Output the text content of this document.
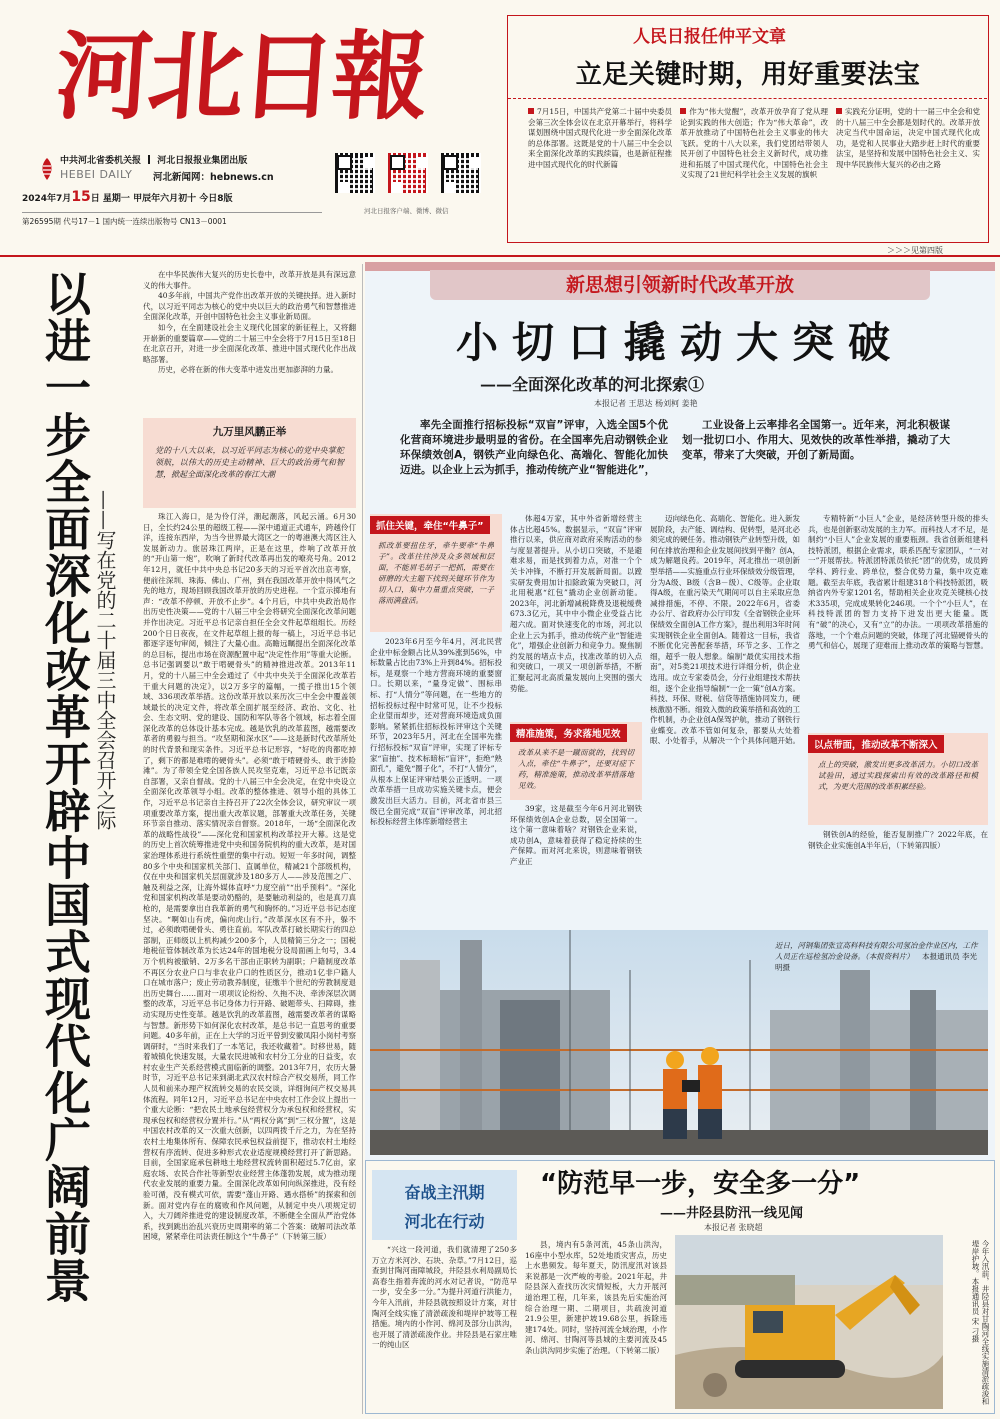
河北日報
中共河北省委机关报 河北日报报业集团出版
HEBEI DAILY 河北新闻网：hebnews.cn
2024年7月15日 星期一 甲辰年六月初十 今日8版
第26595期 代号17－1 国内统一连续出版物号 CN13－0001
河北日报客户端、微博、微信
人民日报任仲平文章
立足关键时期，用好重要法宝
7月15日，中国共产党第二十届中央委员会第三次全体会议在北京开幕举行，将科学谋划围绕中国式现代化进一步全面深化改革的总体部署。这既是党的十八届三中全会以来全面深化改革的实践续篇，也是新征程推进中国式现代化的时代新篇
作为“伟大觉醒”，改革开放孕育了党从理论到实践的伟大创造；作为“伟大革命”，改革开放推动了中国特色社会主义事业的伟大飞跃。党的十八大以来，我们党团结带领人民开创了中国特色社会主义新时代，成功推进和拓展了中国式现代化，中国特色社会主义实现了21世纪科学社会主义发展的旗帜
实践充分证明，党的十一届三中全会和党的十八届三中全会都是划时代的。改革开放决定当代中国命运，决定中国式现代化成功，是党和人民事业大踏步赶上时代的重要法宝，是坚持和发展中国特色社会主义、实现中华民族伟大复兴的必由之路
＞＞＞见第四版
以进一步全面深化改革开辟中国式现代化广阔前景 ——写在党的二十届三中全会召开之际

在中华民族伟大复兴的历史长卷中，改革开放是具有深远意义的伟大事件。

40多年前，中国共产党作出改革开放的关键抉择。进入新时代，以习近平同志为核心的党中央以巨大的政治勇气和智慧推进全面深化改革，开创中国特色社会主义事业新局面。

如今，在全面建设社会主义现代化国家的新征程上，又将翻开崭新的重要篇章——党的二十届三中全会将于7月15日至18日在北京召开，对进一步全面深化改革、推进中国式现代化作出战略部署。

历史，必将在新的伟大变革中进发出更加澎湃的力量。

九万里风鹏正举
党的十八大以来，以习近平同志为核心的党中央掌舵领航，以伟大的历史主动精神、巨大的政治勇气和智慧，掀起全面深化改革的春江大潮

珠江入海口，是为伶仃洋，潮起潮落，风起云涌。6月30日，全长约24公里的超级工程——深中通道正式通车，跨越伶仃洋，连接东西岸，为当今世界最大湾区之一的粤港澳大湾区注入发展新动力。旅居珠江两岸，正是在这里，炸响了改革开放的“开山第一炮”，吹响了新时代改革再出发的嘹亮号角。2012年12月，就任中共中央总书记20多天的习近平首次出京考察，便前往深圳、珠海、佛山、广州，到在我国改革开放中得风气之先的地方，现场回顾我国改革开放的历史进程。一个宣示掷地有声：“改革不停顿、开放不止步”。4个月后，中共中央政治局作出历史性决策——党的十八届三中全会将研究全面深化改革问题并作出决定。习近平总书记亲自担任全会文件起草组组长。历经200个日日夜夜，在文件起草组上报的每一稿上，习近平总书记都逐字逐句审阅，倾注了大量心血。高瞻远瞩提出全面深化改革的总目标，提出市场在资源配置中起“决定性作用”等重大论断。总书记强调要以“敢于啃硬骨头”的精神推进改革。2013年11月，党的十八届三中全会通过了《中共中央关于全面深化改革若干重大问题的决定》，以2万多字的篇幅，一揽子推出15个领域、336项改革举措。这份改革开放以来历次三中全会中覆盖领域最长的决定文件，将改革全面扩展至经济、政治、文化、社会、生态文明、党的建设、国防和军队等各个领域，标志着全面深化改革的总体设计基本完成。越是饮乳的改革蓝图，越需要改革者的勇毅与担当。“攻坚期和深水区”——这是新时代改革所处的时代背景和现实条件。习近平总书记形容，“好吃的肉都吃掉了，剩下的都是难啃的硬骨头”。必须“敢于啃硬骨头、敢于涉险滩”。为了带领全党全国各族人民攻坚克难，习近平总书记既亲自部署，又亲自督战。党的十八届三中全会决定，在党中央设立全面深化改革领导小组。改革的整体推进、领导小组的具体工作，习近平总书记亲自主持召开了22次全体会议，研究审议一项项重要改革方案，提出重大改革议题，部署重大改革任务，关键环节亲自推动、落实情况亲自督察。2018年，一场“全面深化改革的战略性战役”——深化党和国家机构改革拉开大幕。这是党的历史上首次统筹推进党中央和国务院机构的重大改革，是对国家治理体系进行系统性重塑的集中行动。短短一年多时间，调整80多个中央和国家机关部门、直属单位，精减21个部级机构，仅在中央和国家机关层面就涉及180多万人——涉及范围之广、触及利益之深，让海外媒体直呼“力度空前”“出乎预料”。“深化党和国家机构改革是要动奶酪的，是要触动利益的，也是真刀真枪的，是需要拿出自我革新的勇气和胸怀的。”习近平总书记态度坚决。“啊如山有虎，偏向虎山行。”改革深水区有不升，躲不过，必须敢啃硬骨头、勇往直前。军队改革打破长期实行的四总部制，正师级以上机构减少200多个，人员精简三分之一；国税地税征管体制改革为长达24年的国地税分设局面画上句号，3.4万个机构被撤销、2万多名干部由正职转为副职；户籍制度改革不再区分农业户口与非农业户口的性质区分，推动1亿非户籍人口在城市落户；废止劳动教养制度，征缴半个世纪的劳教制度退出历史舞台……面对一项项议论纷纷、久拖不决、牵涉深层次调整的改革，习近平总书记身体力行开路、破题带头、扫障碍，推动实现历史性变革。越是饮乳的改革蓝图，越需要改革者的谋略与智慧。新形势下如何深化农村改革，是总书记一直思考的重要问题。40多年前，正在上大学的习近平曾到安徽凤阳小岗村考察调研时，“当时来我们了一本笔记，我还收藏着”。时移世易，随着城镇化快速发展，大量农民进城和农村分工分业的日益变，农村农业生产关系经营模式面临新的调整。2013年7月，农历大暑时节，习近平总书记来到湖北武汉农村综合产权交易所，同工作人员和前来办理产权流转交易的农民交谈，详细询问产权交易具体流程。同年12月，习近平总书记在中央农村工作会议上提出一个重大论断：“把农民土地承包经营权分为承包权和经营权，实现承包权和经营权分置并行。”从“两权分离”到“三权分置”，这是中国农村改革的又一次重大创新，以四两拨千斤之力，为在坚持农村土地集体所有、保障农民承包权益前提下，推动农村土地经营权有序流转、促进多种形式农业适度规模经营打开了新思路。目前，全国家庭承包耕地土地经营权流转面积超过5.7亿亩，家庭农场、农民合作社等新型农业经营主体蓬勃发展，成为推动现代农业发展的重要力量。全面深化改革如何向纵深推进，没有经验可循，没有模式可依，需要“蓬山开路、遇水搭桥”的探索和创新。面对党内存在的腐败和作风问题，从制定中央八项规定切入，大刀阔斧推进党的建设制度改革，不断健全全面从严治党体系，找到跳出治乱兴衰历史周期率的第二个答案：破解司法改革困境，紧紧牵住司法责任制这个“牛鼻子”（下转第三版）

新思想引领新时代改革开放
小切口撬动大突破
——全面深化改革的河北探索①
本报记者 王思达 杨刘柯 姜艳
率先全面推行招标投标“双盲”评审，入选全国5个优化营商环境进步最明显的省份。在全国率先启动钢铁企业环保绩效创A，钢铁产业向绿色化、高端化、智能化加快迈进。以企业上云为抓手，推动传统产业“智能进化”，
工业设备上云率排名全国第一。近年来，河北积极谋划一批切口小、作用大、见效快的改革性举措，撬动了大变革，带来了大突破，开创了新局面。
抓住关键，牵住“牛鼻子”
抓改革要扭住牙，牵牛要牵“牛鼻子”。改革往往涉及众多领域和层面，不能眉毛胡子一把抓，需要在研磨的大主题下找到关键环节作为切入口，集中力量重点突破，一子落而满盘活。

2023年6月至今年4月，河北民营企业中标金额占比从39%涨到56%，中标数量占比由73%上升到84%。招标投标，是观察一个地方营商环境的重要窗口。长期以来，“量身定做”、围标串标、打“人情分”等问题，在一些地方的招标投标过程中时常可见，让不少投标企业望而却步，还对营商环境造成负面影响。紧紧抓住招标投标评审这个关键环节，2023年5月，河北在全国率先推行招标投标“双盲”评审，实现了评标专家“盲抽”、技术标暗标“盲评”，拒绝“熟面孔”，避免“圈子化”，不打“人情分”，从根本上保证评审结果公正透明。一项改革举措一旦成功实施关键卡点，便会激发出巨大活力。目前，河北省市县三级已全面完成“双盲”评审改革，河北招标投标经营主体库新增经营主

体超4万家，其中外省新增经营主体占比超45%。数据显示，“双盲”评审推行以来，供应商对政府采购活动的参与度显著提升。从小切口突破，不是避难求易，而是找到着力点，对准一个个关卡冲锋，不断打开发展新局面。以蹚实研发费用加计扣除政策为突破口，河北用税惠“红包”撬动企业创新动能。2023年，河北新增减税降费及退税缓费673.3亿元，其中中小微企业受益占比超六成。面对快速变化的市场，河北以企业上云为抓手，推动传统产业“智能进化”，增强企业创新力和竞争力。聚焦制约发展的堵点卡点，找准改革的切入点和突破口，一项又一项创新举措，不断汇聚起河北高质量发展向上突围的强大势能。

精准施策，务求落地见效
改革从来不是一蹴而就的，找到切入点，牵住“牛鼻子”，还要对症下药，精准施策，推动改革举措落地见效。

39家，这是截至今年6月河北钢铁环保绩效创A企业总数，居全国第一。这个第一意味着啥？对钢铁企业来说，成功创A，意味着获得了稳定持续的生产保障。而对河北来说，则意味着钢铁产业正

迈向绿色化、高端化、智能化。进入新发展阶段，去产能、调结构、促转型，是河北必须完成的硬任务。推动钢铁产业转型升级，如何在排放治理和企业发展间找到平衡？创A，成为解题良药。2019年，河北推出一项创新型举措——实施重点行业环保绩效分级管理，分为A级、B级（含B－级）、C级等。企业取得A级，在重污染天气期间可以自主采取应急减排措施，不停、不限。2022年6月，省委办公厅、省政府办公厅印发《全省钢铁企业环保绩效全面创A工作方案》，提出利用3年时间实现钢铁企业全面创A。随着这一目标，我省不断优化完善配套举措，环节之多、工作之细，超乎一般人想象。编制“最优实用技术指南”，对5类21项技术进行详细分析，供企业选用。成立专家委员会，分行业组建技术帮扶组，逐个企业指导编制“一企一策”创A方案。科技、环保、财税、信贷等措施协同发力，硬核激励不断。细致入微的政策举措和高效的工作机制，办企业创A保驾护航，推动了钢铁行业蝶变。改革不管如何复杂，都要从大处着眼、小处着手，从解决一个个具体问题开始。

专精特新“小巨人”企业，是经济转型升级的排头兵，也是创新驱动发展的主力军。而科技人才不足，是制约“小巨人”企业发展的重要瓶颈。我省创新组建科技特派团，根据企业需求，联系匹配专家团队，“一对一”开展帮扶。特派团特派员依托“团”的优势，成员跨学科、跨行业、跨单位，整合优势力量，集中攻克难题。截至去年底，我省累计组建318个科技特派团，吸纳省内外专家1201名，帮助相关企业攻克关键核心技术335项，完成成果转化246项。一个个“小巨人”，在科技特派团的智力支持下迸发出更大能量。既有“破”的决心，又有“立”的办法。一项项改革措施的落地，一个个难点问题的突破，体现了河北锚硬骨头的勇气和信心，展现了迎难而上推动改革的策略与智慧。

以点带面，推动改革不断深入
点上的突破，激发出更多改革活力。小切口改革试验田，通过实践探索出有效的改革路径和模式，为更大范围的改革积累经验。

钢铁创A的经验，能否复制推广？2022年底，在钢铁企业实施创A半年后，（下转第四版）

近日，河钢集团张宣高科科技有限公司氢冶金作业区内，工作人员正在巡检氢冶金设备。（本报资料片） 本报通讯员 李光明摄
奋战主汛期
河北在行动
“防范早一步，安全多一分”
——井陉县防汛一线见闻
本报记者 张晓超

“兴这一段河道，我们就清理了250多万立方米河沙、石块、杂草。”7月12日，巡查到甘陶河南障城段，井陉县水利局副局长高春生指着奔流的河水对记者说，“防范早一步，安全多一分。”为提升河道行洪能力，今年入汛前，井陉县就按照设计方案，对甘陶河全线实施了清淤疏浚和堤岸护坡等工程措施。境内的小作河、绵河及部分山洪沟，也开展了清淤疏浚作业。井陉县是石家庄唯一的纯山区

县，境内有5条河流，45条山洪沟，16座中小型水库，52处地质灾害点，历史上水患频发。每年夏天，防汛度汛对该县来说都是一次严峻的考验。2021年起，井陉县深入查找历次灾情短板，大力开展河道治理工程，几年来，该县先后实施治河综合治理一期、二期项目，共疏浚河道21.9公里，新建护坡19.68公里，拆除违建174处。同时，坚持河流全域治理，小作河、绵河、甘陶河等县城的主要河流及45条山洪沟同步实施了治理。（下转第二版）	今年入汛前，井陉县对甘陶河全线实施清淤疏浚和堤岸护坡。本报通讯员 宋 刁摄
